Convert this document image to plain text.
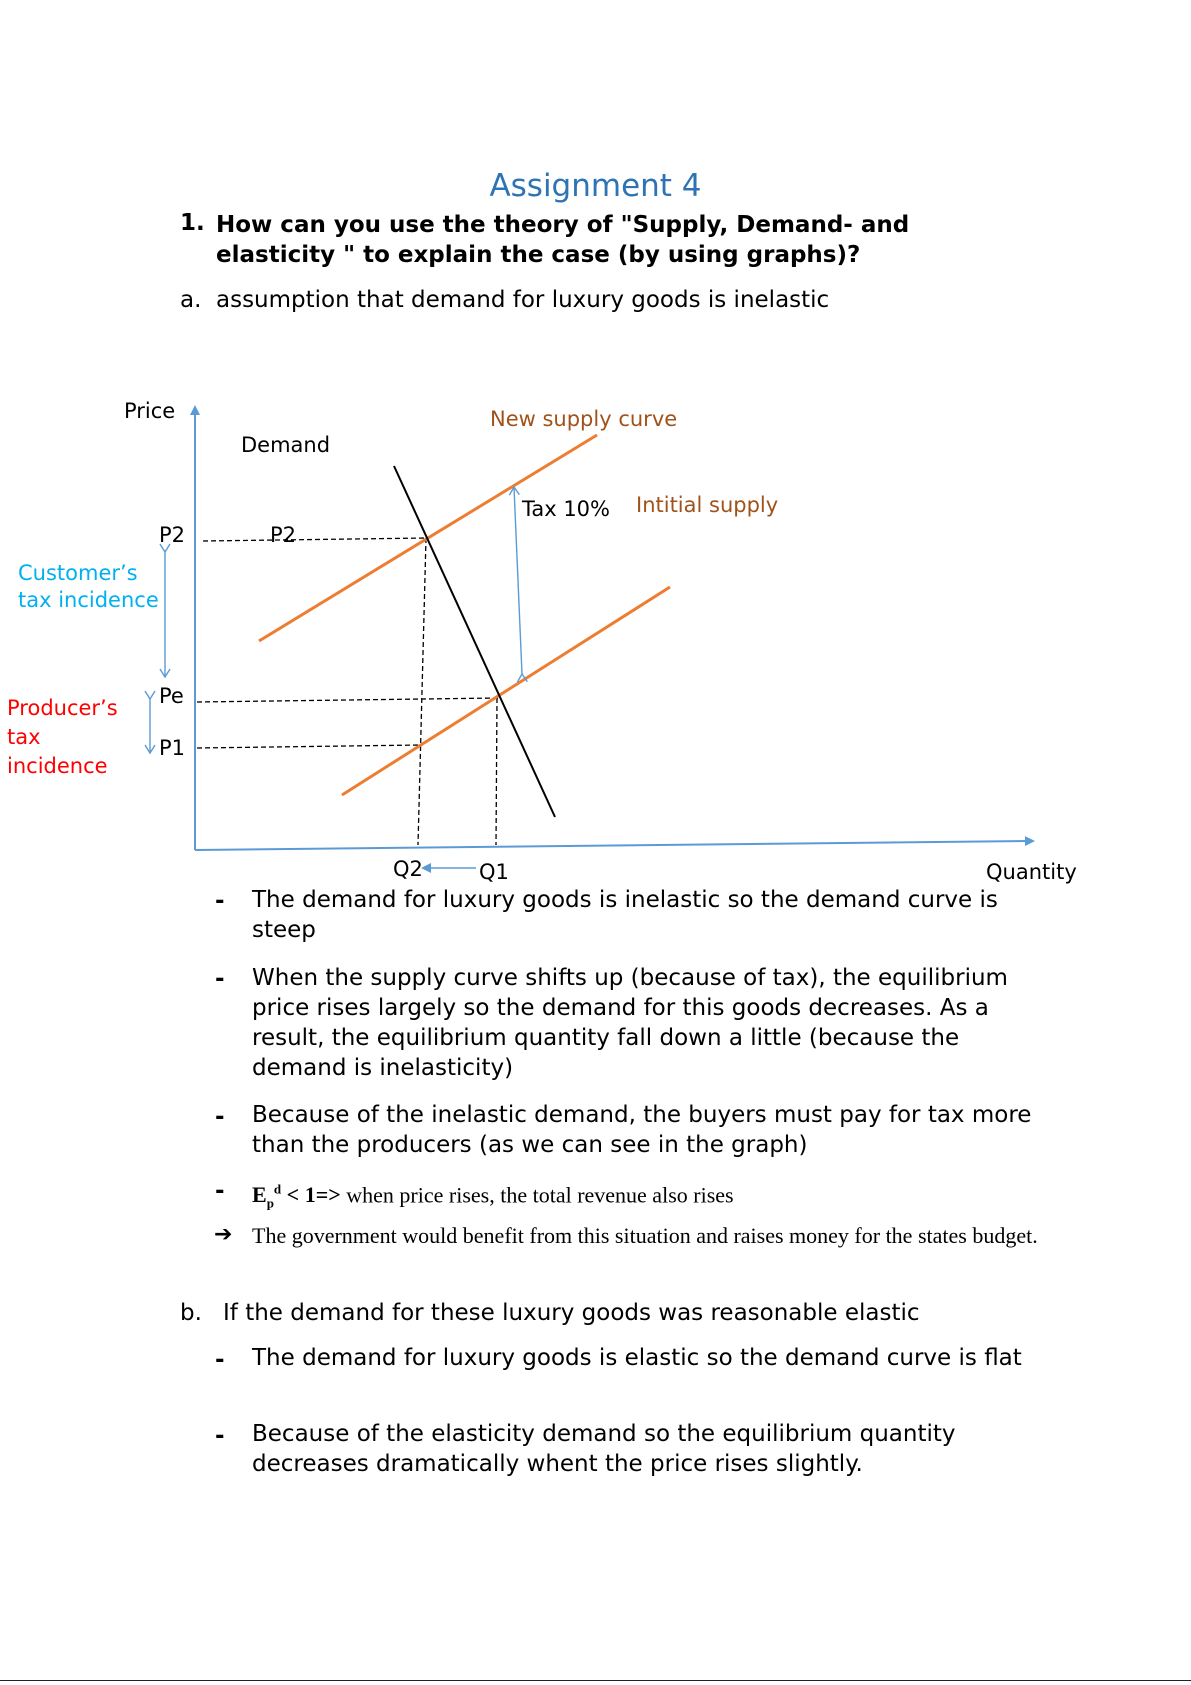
Assignment 4
1. How can you use the theory of "Supply, Demand- and elasticity " to explain the case (by using graphs)?
a. assumption that demand for luxury goods is inelastic
Price
Quantity
Demand
New supply curve
Intitial supply
Tax 10%
P2
Pe
P1
P2
Q2	Q1
Customer’s tax incidence
Producer’s tax incidence
- The demand for luxury goods is inelastic so the demand curve is steep
- When the supply curve shifts up (because of tax), the equilibrium price rises largely so the demand for this goods decreases. As a result, the equilibrium quantity fall down a little (because the demand is inelasticity)
- Because of the inelastic demand, the buyers must pay for tax more than the producers (as we can see in the graph)
- $E_p^d < 1=>$ when price rises, the total revenue also rises
➔ The government would benefit from this situation and raises money for the states budget.
b. If the demand for these luxury goods was reasonable elastic
- The demand for luxury goods is elastic so the demand curve is flat
- Because of the elasticity demand so the equilibrium quantity decreases dramatically whent the price rises slightly.
